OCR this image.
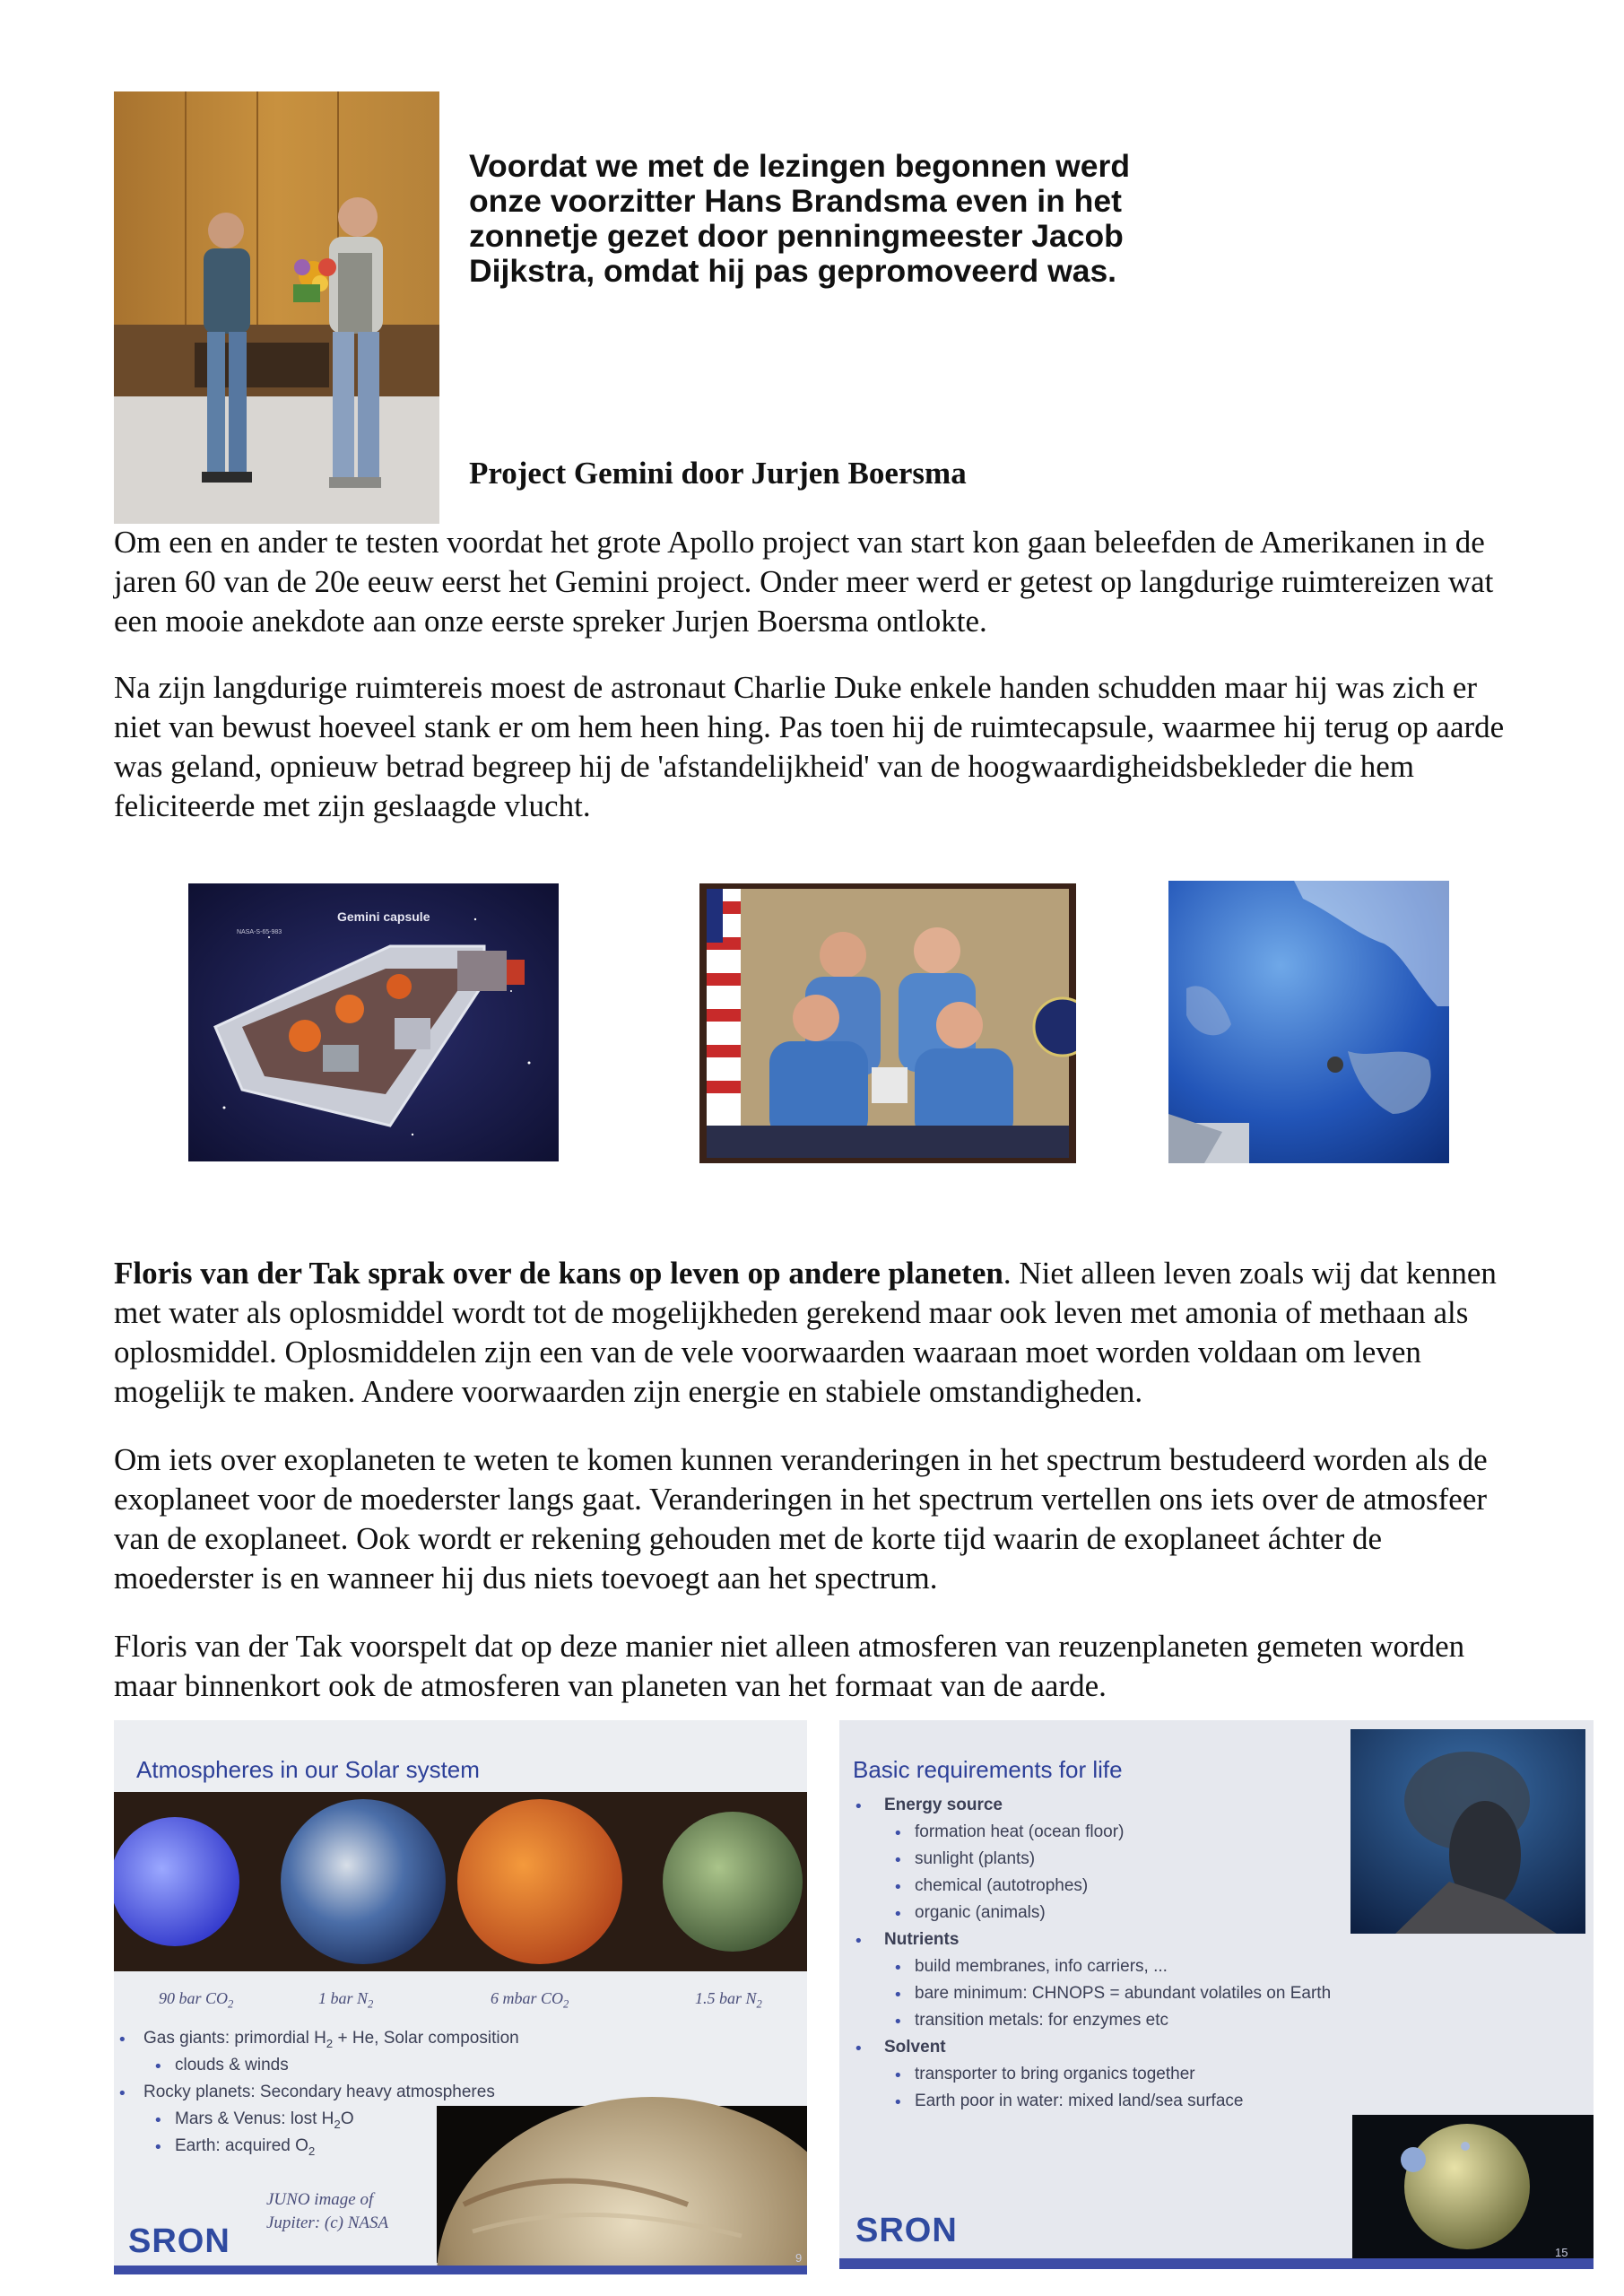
Voordat we met de lezingen begonnen werd onze voorzitter Hans Brandsma even in het zonnetje gezet door penningmeester Jacob Dijkstra, omdat hij pas gepromoveerd was.
Project Gemini door Jurjen Boersma
Om een en ander te testen voordat het grote Apollo project van start kon gaan beleefden de Amerikanen in de jaren 60 van de 20e eeuw eerst het Gemini project. Onder meer werd er getest op langdurige ruimtereizen wat een mooie anekdote aan onze eerste spreker Jurjen Boersma ontlokte.
Na zijn langdurige ruimtereis moest de astronaut Charlie Duke enkele handen schudden maar hij was zich er niet van bewust hoeveel stank er om hem heen hing. Pas toen hij de ruimtecapsule, waarmee hij terug op aarde was geland, opnieuw betrad begreep hij de 'afstandelijkheid' van de hoogwaardigheidsbekleder die hem feliciteerde met zijn geslaagde vlucht.
Gemini capsule
NASA-S-65-983
Floris van der Tak sprak over de kans op leven op andere planeten. Niet alleen leven zoals wij dat kennen met water als oplosmiddel wordt tot de mogelijkheden gerekend maar ook leven met amonia of methaan als oplosmiddel. Oplosmiddelen zijn een van de vele voorwaarden waaraan moet worden voldaan om leven mogelijk te maken. Andere voorwaarden zijn energie en stabiele omstandigheden.
Om iets over exoplaneten te weten te komen kunnen veranderingen in het spectrum bestudeerd worden als de exoplaneet voor de moederster langs gaat. Veranderingen in het spectrum vertellen ons iets over de atmosfeer van de exoplaneet. Ook wordt er rekening gehouden met de korte tijd waarin de exoplaneet áchter de moederster is en wanneer hij dus niets toevoegt aan het spectrum.
Floris van der Tak voorspelt dat op deze manier niet alleen atmosferen van reuzenplaneten gemeten worden maar binnenkort ook de atmosferen van planeten van het formaat van de aarde.
Atmospheres in our Solar system
90 bar $CO_2$	1 bar $N_2$	6 mbar $CO_2$	1.5 bar $N_2$
• Gas giants: primordial $H_2 + He$, Solar composition
• clouds & winds
• Rocky planets: Secondary heavy atmospheres
• Mars & Venus: lost $H_2O$
• Earth: acquired $O_2$
JUNO image of
Jupiter: (c) NASA
SRON	9
Basic requirements for life
• Energy source
• formation heat (ocean floor)
• sunlight (plants)
• chemical (autotrophes)
• organic (animals)
• Nutrients
• build membranes, info carriers, ...
• bare minimum: CHNOPS = abundant volatiles on Earth
• transition metals: for enzymes etc
• Solvent
• transporter to bring organics together
• Earth poor in water: mixed land/sea surface
SRON
15
